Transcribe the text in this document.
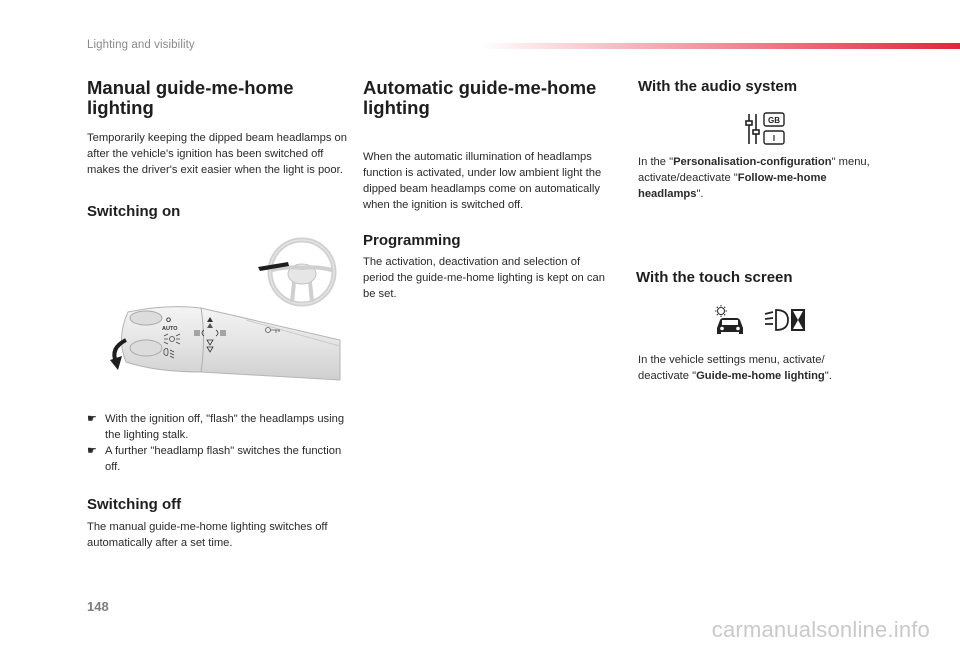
Lighting and visibility
Manual guide-me-home
lighting

Temporarily keeping the dipped beam headlamps on after the vehicle's ignition has been switched off makes the driver's exit easier when the light is poor.

Switching on
O
AUTO
☛ With the ignition off, "flash" the headlamps using the lighting stalk.
☛ A further "headlamp flash" switches the function off.
Switching off

The manual guide-me-home lighting switches off automatically after a set time.

Automatic guide-me-home
lighting

When the automatic illumination of headlamps function is activated, under low ambient light the dipped beam headlamps come on automatically when the ignition is switched off.

Programming

The activation, deactivation and selection of period the guide-me-home lighting is kept on can be set.

With the audio system
GB
I

In the "Personalisation-configuration" menu, activate/deactivate "Follow-me-home headlamps".

With the touch screen

In the vehicle settings menu, activate/ deactivate "Guide-me-home lighting".

148
carmanualsonline.info
